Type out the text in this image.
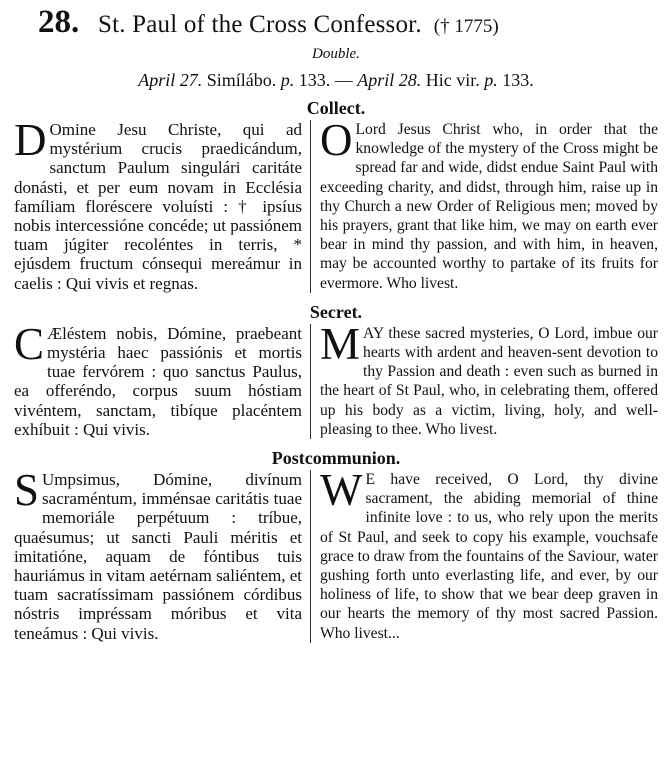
28. St. Paul of the Cross Confessor. († 1775)
Double.
April 27. Simílábo. p. 133. — April 28. Hic vir. p. 133.
Collect.
D Omine Jesu Christe, qui ad mystérium crucis praedicándum, sanctum Paulum singulári caritáte donásti, et per eum novam in Ecclésia famíliam floréscere voluísti : † ipsíus nobis intercessióne concéde; ut passiónem tuam júgiter recoléntes in terris, * ejúsdem fructum cónsequi mereámur in caelis : Qui vivis et regnas.
O Lord Jesus Christ who, in order that the knowledge of the mystery of the Cross might be spread far and wide, didst endue Saint Paul with exceeding charity, and didst, through him, raise up in thy Church a new Order of Religious men; moved by his prayers, grant that like him, we may on earth ever bear in mind thy passion, and with him, in heaven, may be accounted worthy to partake of its fruits for evermore. Who livest.
Secret.
C Æléstem nobis, Dómine, praebeant mystéria haec passiónis et mortis tuae fervórem : quo sanctus Paulus, ea offeréndo, corpus suum hóstiam vivéntem, sanctam, tibíque placéntem exhíbuit : Qui vivis.
MAY these sacred mysteries, O Lord, imbue our hearts with ardent and heaven-sent devotion to thy Passion and death : even such as burned in the heart of St Paul, who, in celebrating them, offered up his body as a victim, living, holy, and well-pleasing to thee. Who livest.
Postcommunion.
S Umpsimus, Dómine, divínum sacraméntum, imménsae caritátis tuae memoriále perpétuum : tríbue, quaésumus; ut sancti Pauli méritis et imitatióne, aquam de fóntibus tuis hauriámus in vitam aetérnam saliéntem, et tuam sacratíssimam passiónem córdibus nóstris impréssam móribus et vita teneámus : Qui vivis.
W E have received, O Lord, thy divine sacrament, the abiding memorial of thine infinite love : to us, who rely upon the merits of St Paul, and seek to copy his example, vouchsafe grace to draw from the fountains of the Saviour, water gushing forth unto everlasting life, and ever, by our holiness of life, to show that we bear deep graven in our hearts the memory of thy most sacred Passion. Who livest...
